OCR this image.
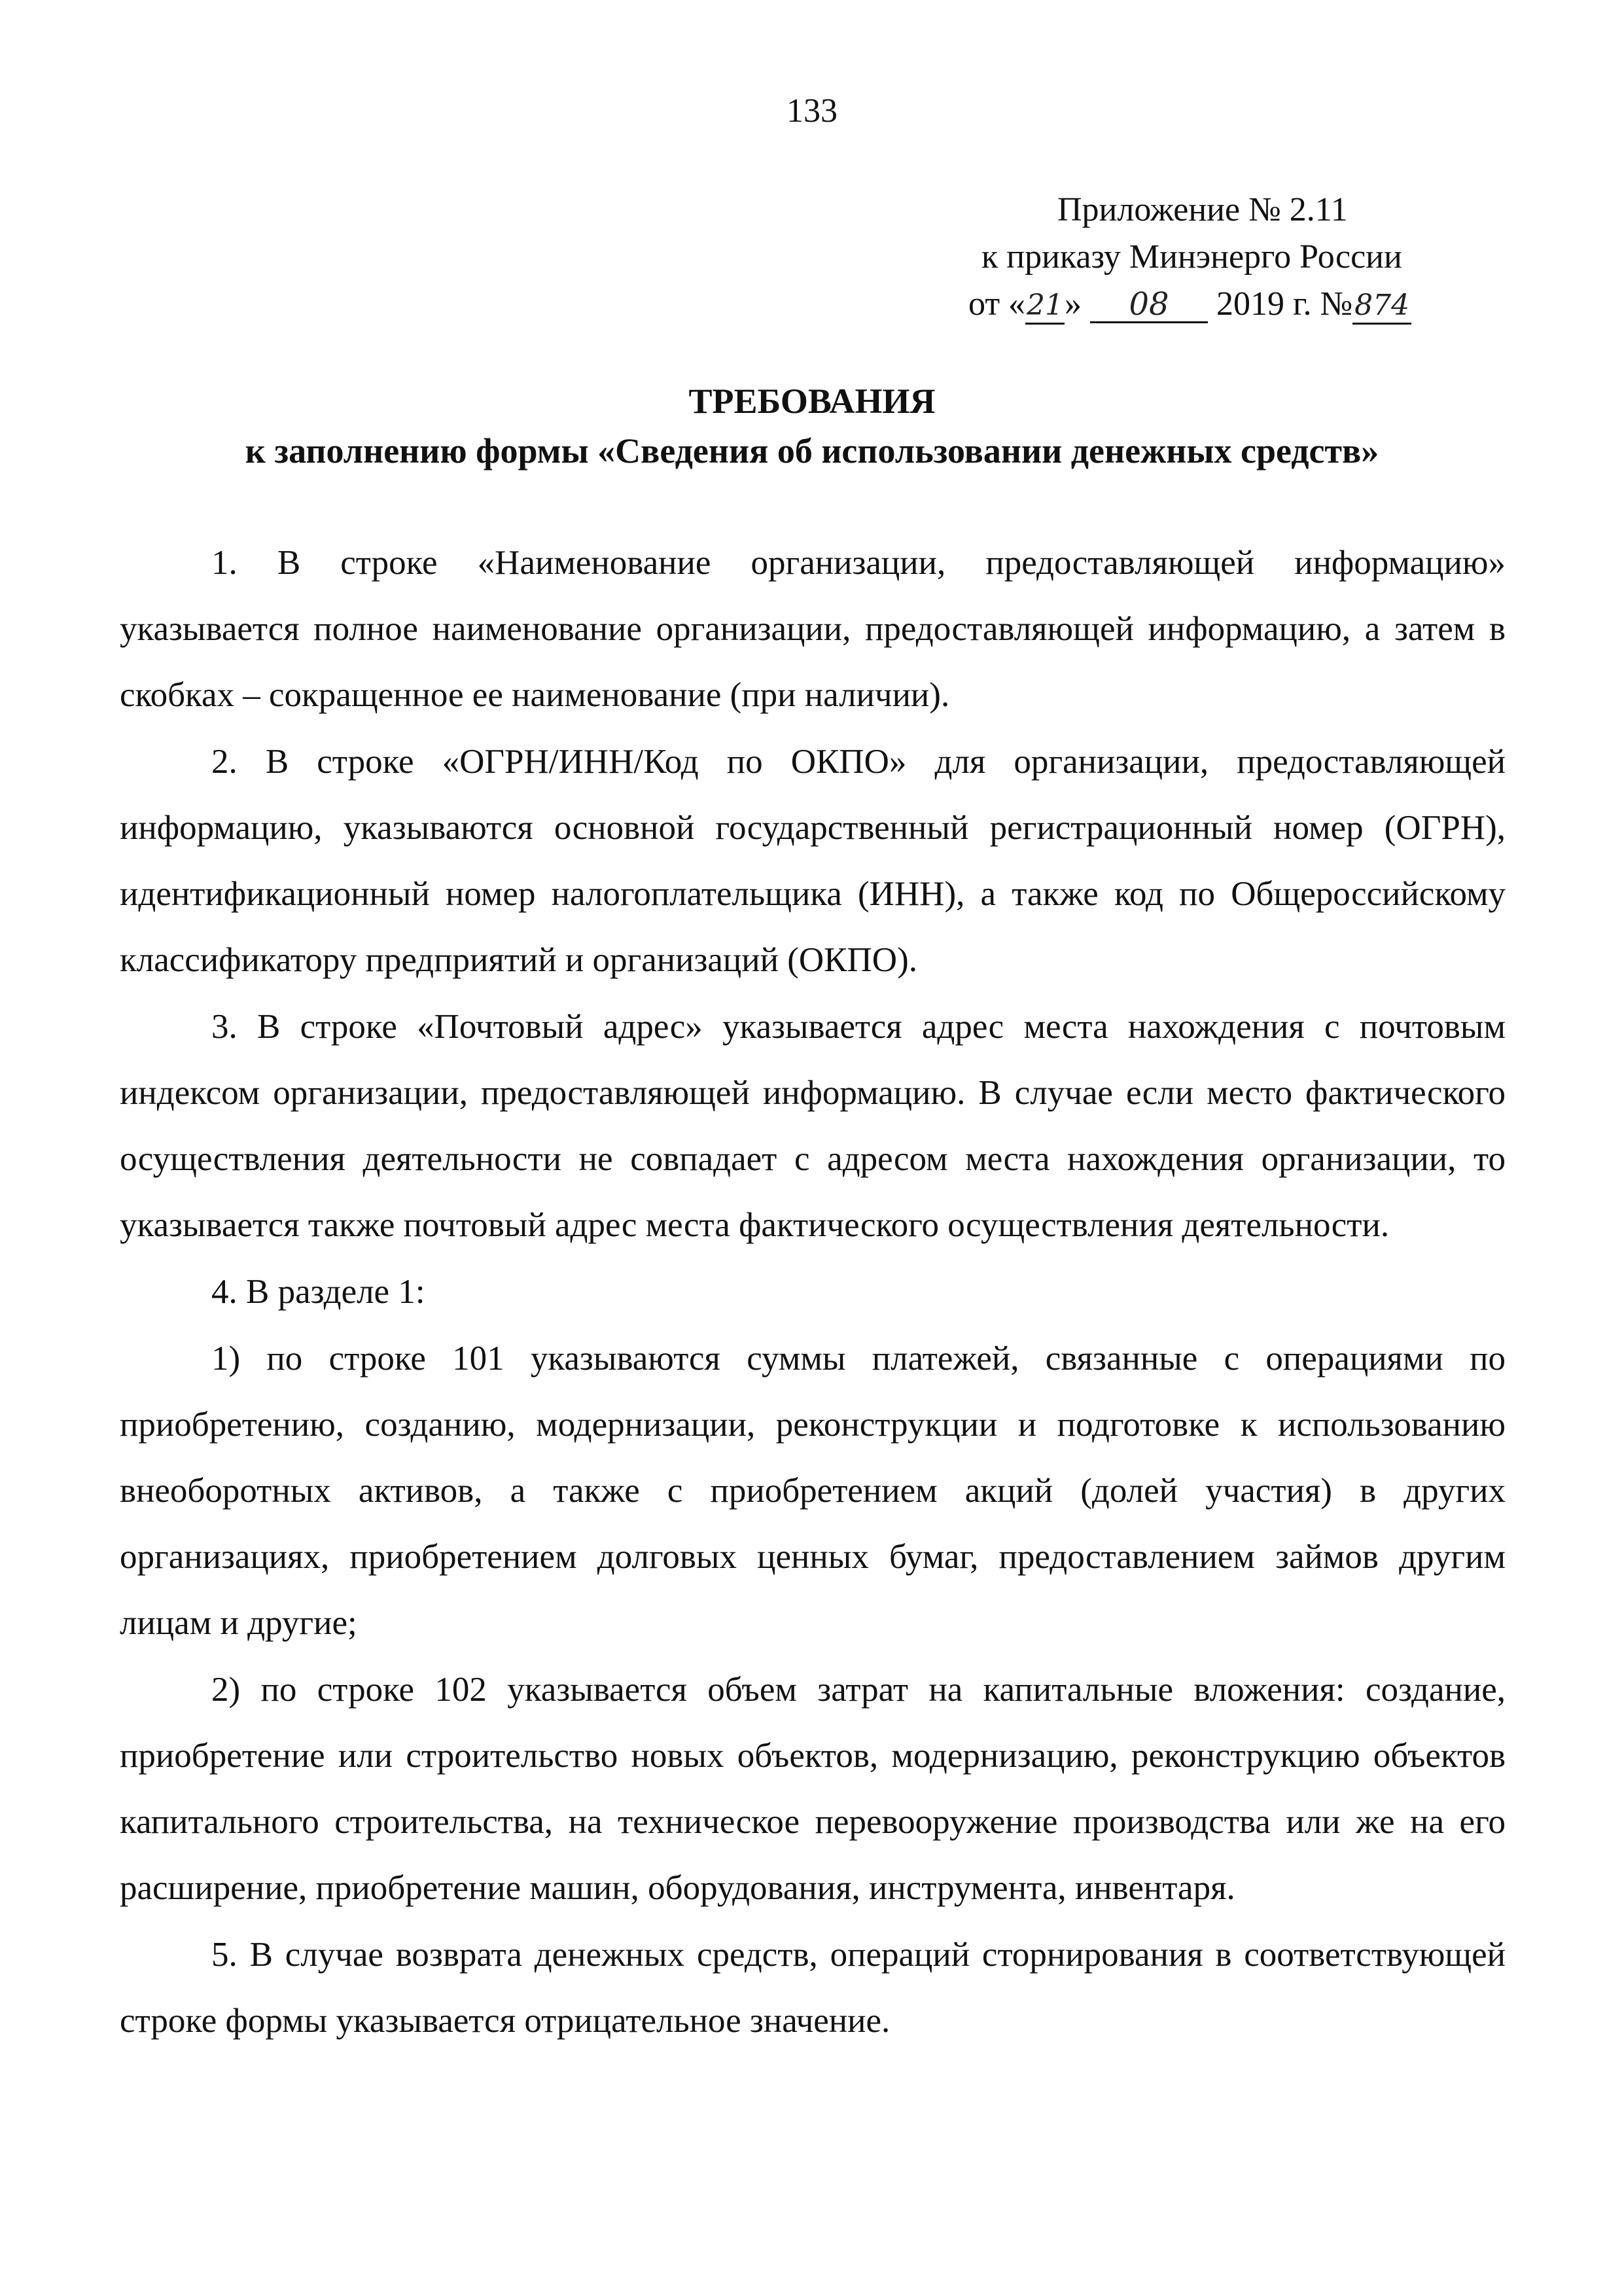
133
Приложение № 2.11
к приказу Минэнерго России
от «21» 08 2019 г. №874
ТРЕБОВАНИЯ
к заполнению формы «Сведения об использовании денежных средств»

1. В строке «Наименование организации, предоставляющей информацию» указывается полное наименование организации, предоставляющей информацию, а затем в скобках – сокращенное ее наименование (при наличии).

2. В строке «ОГРН/ИНН/Код по ОКПО» для организации, предоставляющей информацию, указываются основной государственный регистрационный номер (ОГРН), идентификационный номер налогоплательщика (ИНН), а также код по Общероссийскому классификатору предприятий и организаций (ОКПО).

3. В строке «Почтовый адрес» указывается адрес места нахождения с почтовым индексом организации, предоставляющей информацию. В случае если место фактического осуществления деятельности не совпадает с адресом места нахождения организации, то указывается также почтовый адрес места фактического осуществления деятельности.

4. В разделе 1:

1) по строке 101 указываются суммы платежей, связанные с операциями по приобретению, созданию, модернизации, реконструкции и подготовке к использованию внеоборотных активов, а также с приобретением акций (долей участия) в других организациях, приобретением долговых ценных бумаг, предоставлением займов другим лицам и другие;

2) по строке 102 указывается объем затрат на капитальные вложения: создание, приобретение или строительство новых объектов, модернизацию, реконструкцию объектов капитального строительства, на техническое перевооружение производства или же на его расширение, приобретение машин, оборудования, инструмента, инвентаря.

5. В случае возврата денежных средств, операций сторнирования в соответствующей строке формы указывается отрицательное значение.
